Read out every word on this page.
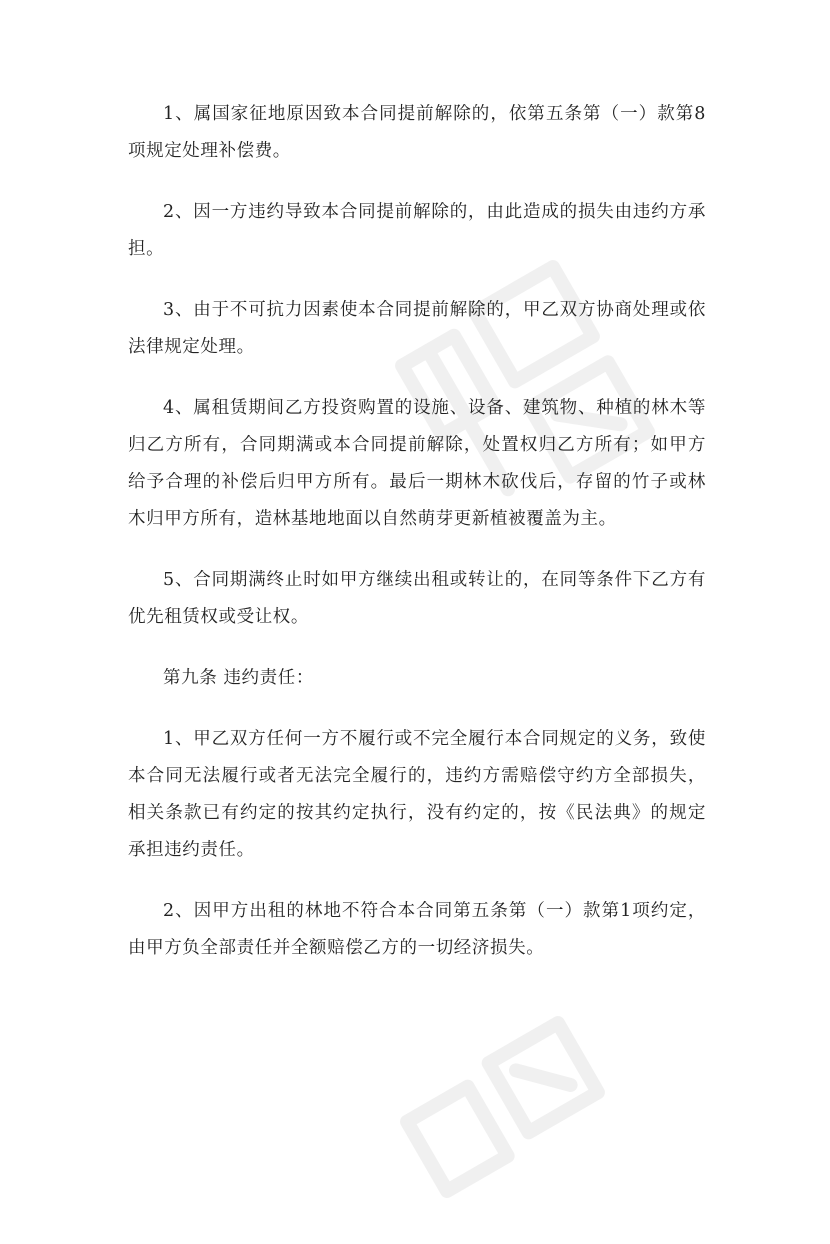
1、属国家征地原因致本合同提前解除的，依第五条第（一）款第8项规定处理补偿费。

2、因一方违约导致本合同提前解除的，由此造成的损失由违约方承担。

3、由于不可抗力因素使本合同提前解除的，甲乙双方协商处理或依法律规定处理。

4、属租赁期间乙方投资购置的设施、设备、建筑物、种植的林木等归乙方所有，合同期满或本合同提前解除，处置权归乙方所有；如甲方给予合理的补偿后归甲方所有。最后一期林木砍伐后，存留的竹子或林木归甲方所有，造林基地地面以自然萌芽更新植被覆盖为主。

5、合同期满终止时如甲方继续出租或转让的，在同等条件下乙方有优先租赁权或受让权。

第九条 违约责任：

1、甲乙双方任何一方不履行或不完全履行本合同规定的义务，致使本合同无法履行或者无法完全履行的，违约方需赔偿守约方全部损失，相关条款已有约定的按其约定执行，没有约定的，按《民法典》的规定承担违约责任。

2、因甲方出租的林地不符合本合同第五条第（一）款第1项约定，由甲方负全部责任并全额赔偿乙方的一切经济损失。
